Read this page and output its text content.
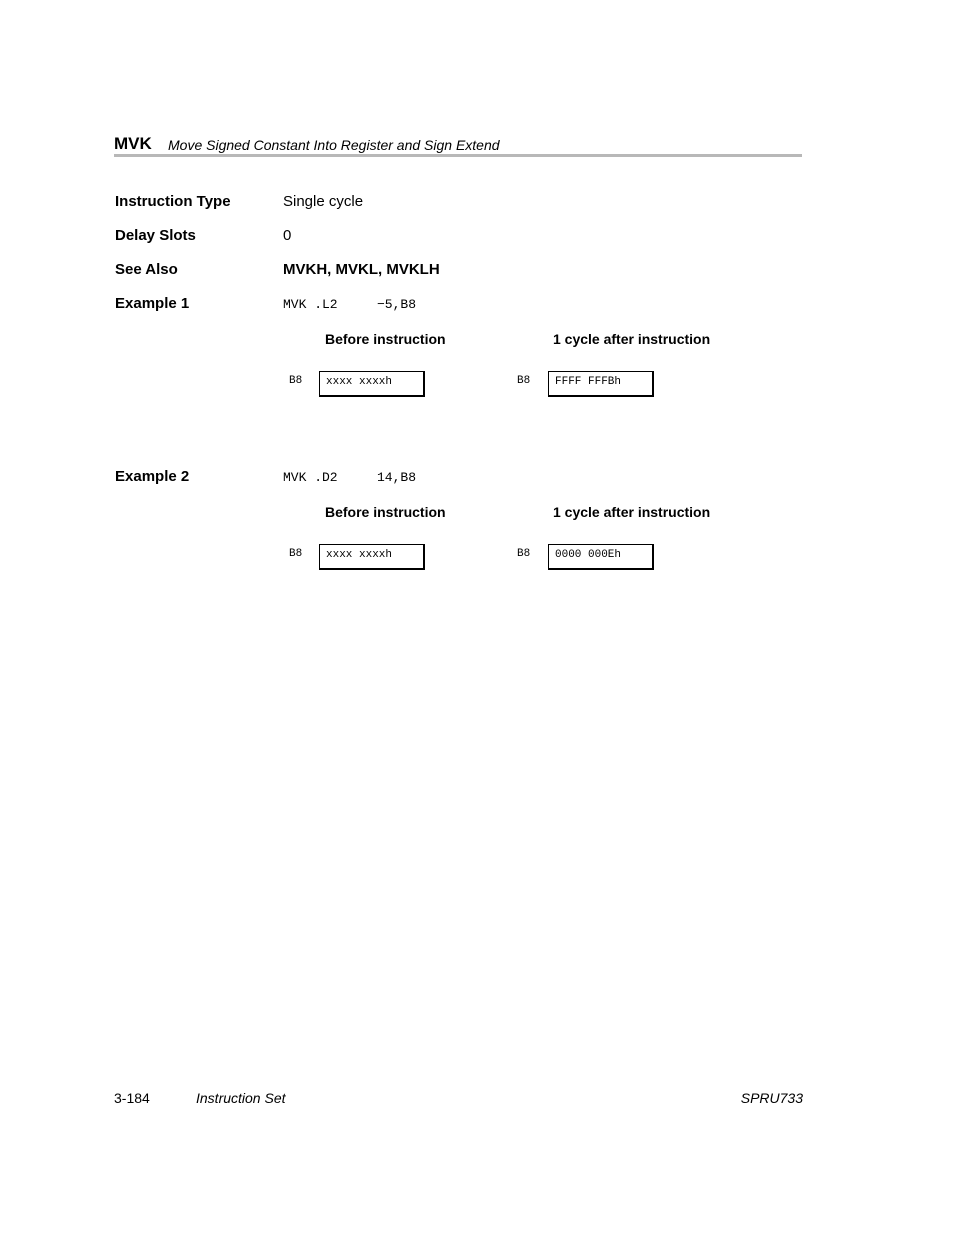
MVK Move Signed Constant Into Register and Sign Extend
Instruction Type	Single cycle
Delay Slots	0
See Also	MVKH, MVKL, MVKLH
Example 1	MVK .L2	−5,B8
Before instruction	1 cycle after instruction
B8	xxxx xxxxh	B8	FFFF FFFBh
Example 2	MVK .D2	14,B8
Before instruction	1 cycle after instruction
B8	xxxx xxxxh	B8	0000 000Eh
3-184	Instruction Set	SPRU733
